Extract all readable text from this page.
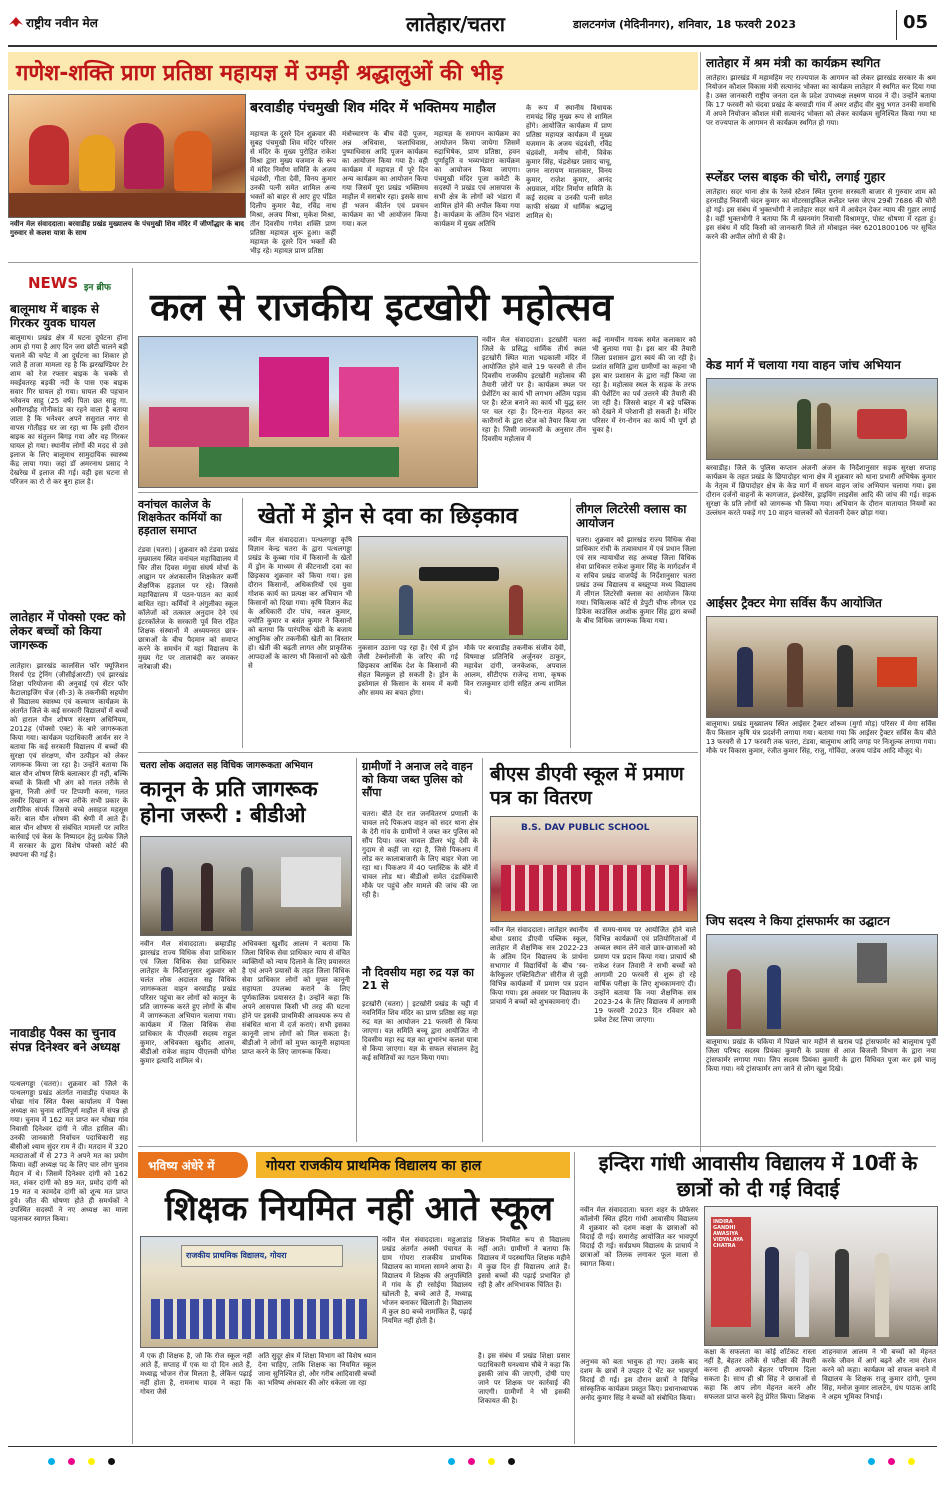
राष्ट्रीय नवीन मेल	लातेहार/चतरा	डालटनगंज (मेदिनीनगर), शनिवार, 18 फरवरी 2023	05
गणेश-शक्ति प्राण प्रतिष्ठा महायज्ञ में उमड़ी श्रद्धालुओं की भीड़
नवीन मेल संवाददाता। बरवाडीह प्रखंड मुख्यालय के पंचमुखी शिव मंदिर में जीर्णोद्धार के बाद गुरुवार से कलश यात्रा के साथ
बरवाडीह पंचमुखी शिव मंदिर में भक्तिमय माहौल
तीन दिवसीय गणेश शक्ति प्राण प्रतिष्ठा महायज्ञ शुरू हुआ। कहीं महायज्ञ के दूसरे दिन भक्तों की भीड़ रहे। महायज्ञ प्राण प्रतिष्ठा
महायज्ञ के दूसरे दिन शुक्रवार की सुबह पंचमुखी शिव मंदिर परिसर से मंदिर के मुख्य पुरोहित राकेश मिश्रा द्वारा मुख्य यजमान के रूप में मंदिर निर्माण समिति के अजय चंद्रवंशी, गीता देवी, विनय कुमार उनकी पत्नी समेत शामिल अन्य भक्तों को बाहर से आए हुए पंडित दिलीप कुमार वैद्य, रविंद्र नाथ मिश्रा, अजय मिश्रा, मुकेश मिश्रा,
मंत्रोच्चारण के बीच वेदी पूजन, अन्न अधिवास, फलाधिवास, पुष्पाधिवास आदि पूजन कार्यक्रम का आयोजन किया गया है। वही कार्यक्रम में महायज्ञ में पूरे दिन अन्य कार्यक्रम का आयोजन किया गया जिसमें पूरा प्रखंड भक्तिमय माहौल में सराबोर रहा। इसके साथ ही भजन कीर्तन एवं प्रवचन कार्यक्रम का भी आयोजन किया गया। कल
महायज्ञ के समापन कार्यक्रम का आयोजन किया जायेगा जिसमें रुद्राभिषेक, प्राण प्रतिष्ठा, हवन पूर्णाहुति व भव्यभंडारा कार्यक्रम का आयोजन किया जाएगा। पंचमुखी मंदिर पूजा कमेटी के सदस्यों ने प्रखंड एवं आसपास के सभी क्षेत्र के लोगों को भंडारा में शामिल होने की अपील किया गया है। कार्यक्रम के अंतिम दिन भंडारा कार्यक्रम में मुख्य अतिथि
के रूप में स्थानीय विधायक रामचंद्र सिंह मुख्य रूप से शामिल होंगे। आयोजित कार्यक्रम में प्राण प्रतिष्ठा महायज्ञ कार्यक्रम में मुख्य यजमान के अजय चंद्रवंशी, रविंद्र चंद्रवंशी, मनीष सोनी, विवेक कुमार सिंह, चंद्रशेखर प्रसाद चाचू, जगन नारायण मालाकार, विनय कुमार, राजेश कुमार, आनंद अग्रवाल, मंदिर निर्माण समिति के कई सदस्य व उनकी पत्नी समेत काफी संख्या में धार्मिक श्रद्धालु शामिल थे।
लातेहार में श्रम मंत्री का कार्यक्रम स्थगित
लातेहार। झारखंड में महामहिम नए राज्यपाल के आगमन को लेकर झारखंड सरकार के श्रम नियोजन कौशल विकास मंत्री सत्यानंद भोक्ता का कार्यक्रम लातेहार में स्थगित कर दिया गया है। उक्त जानकारी राष्ट्रीय जनता दल के प्रदेश उपाध्यक्ष लक्ष्मण यादव ने दी। उन्होंने बताया कि 17 फरवरी को चंदवा प्रखंड के बरवाडी गांव में अमर शहीद वीर बुधु भगत उनकी समाधि में अपने नियोजन कौशल मंत्री सत्यानंद भोक्ता को लेकर कार्यक्रम सुनिश्चित किया गया था पर राज्यपाल के आगमन से कार्यक्रम स्थगित हो गया।
स्प्लेंडर प्लस बाइक की चोरी, लगाई गुहार
लातेहार। सदर थाना क्षेत्र के रेलवे स्टेशन स्थित पुराना सरस्वती बाजार से गुरुवार शाम को हरनाडीह निवासी चंदन कुमार का मोटरसाइकिल स्प्लेंडर प्लस जेएच 29बी 7686 की चोरी हो गई। इस संबंध में भुक्तभोगी ने लातेहार सदर थाने में आवेदन देकर न्याय की गुहार लगाई है। वहीं भुक्तभोगी ने बताया कि मैं ख्यनमांग निवासी विश्रामपुर, पोस्ट धोषणा में रहता हूं। इस संबंध में यदि किसी को जानकारी मिले तो मोबाइल नंबर 6201800106 पर सूचित करने की अपील लोगों से की है।
केड मार्ग में चलाया गया वाहन जांच अभियान
बरवाडीह। जिले के पुलिस कप्तान अंजनी अंजन के निर्देशानुसार सड़क सुरक्षा सप्ताह कार्यक्रम के तहत प्रखंड के छिपादोहर थाना क्षेत्र में शुक्रवार को थाना प्रभारी अभिषेक कुमार के नेतृत्व में छिपादोहर क्षेत्र के केड मार्ग में सघन वाहन जांच अभियान चलाया गया। इस दौरान दर्जनों वाहनों के कागजात, इंश्योरेंस, ड्राइविंग लाइसेंस आदि की जांच की गई। सड़क सुरक्षा के प्रति लोगों को जागरूक भी किया गया। अभियान के दौरान यातायात नियमों का उल्लंघन करते पकड़े गए 10 वाहन चालकों को चेतावनी देकर छोड़ा गया।
आईसर ट्रैक्टर मेगा सर्विस कैंप आयोजित
बालूमाथ। प्रखंड मुख्यालय स्थित आईसर ट्रैक्टर शोरूम (मुर्गा मोड़) परिसर में मेगा सर्विस कैंप किसान कृषि यंत्र प्रदर्शनी लगाया गया। बताया गया कि आईसर ट्रैक्टर सर्विस कैंप बीते 13 फरवरी से 17 फरवरी तक चतरा, टंडवा, बालूमाथ आदि जगह पर निःशुल्क लगाया गया। मौके पर विकास कुमार, रंजीत कुमार सिंह, राजु, गोविंदा, अजय पांडेय आदि मौजूद थे।
जिप सदस्य ने किया ट्रांसफार्मर का उद्घाटन
बालूमाथ। प्रखंड के चकिया में पिछले चार महीने से खराब पड़े ट्रांसफार्मर को बालूमाथ पूर्वी जिला परिषद सदस्य प्रियंका कुमारी के प्रयास से आज बिजली विभाग के द्वारा नया ट्रांसफार्मर लगाया गया। जिप सदस्य प्रियंका कुमारी के द्वारा विधिवत पूजा कर इसे चालू किया गया। नये ट्रांसफार्मर लग जाने से लोग खुश दिखे।
NEWS इन ब्रीफ
बालूमाथ में बाइक से गिरकर युवक घायल
बालूमाथ। प्रखंड क्षेत्र में घटना दुर्घटना होना आम हो गया है आए दिन जरा छोटी चालने बड़ी चलाने की चपेट में आ दुर्घटना का शिकार हो जाते हैं ताजा मामला रह है कि झरखण्डियर टेर शाम को रेज रफ्तार बाइक के चक्के से मवईवतरह बड़की नदी के पास एक बाइक सवार गिर घायल हो गया। घायल की पहचान भरेवनय साहु (25 वर्ष) पिता छत साहु गा. अमीरगढ़ीह गोनीकांड का रहने वाला है बताया जाता है कि भनेश्वर अपने ससुराल नगर से वापस गोतीहड़ घर जा रहा था कि इसी दौरान बाइक का संतुलन बिगड़ गया और वह गिरकर घायल हो गया। स्थानीय लोगों की मदद से उसे इलाज के लिए बालूमाथ सामुदायिक स्वास्थ्य केंद्र लाया गया। जहां डॉ अमरनाथ प्रसाद ने देखरेख में इलाज की गई। वही इस घटना से परिजन का रो रो कर बुरा हाल है।
लातेहार में पोक्सो एक्ट को लेकर बच्चों को किया जागरूक
लातेहार। झारखंड कालसिल फॉर फ्यूजिशन रिसर्च एंड ट्रेनिंग (जीसीईआरटी) एवं झारखंड शिक्षा परियोजना की अनुवाई एवं सेंटर फॉर कैटालाइजिंग चेंज (सी-3) के तकनीकी सहयोग से विद्यालय स्वास्थ्य एवं कल्याण कार्यक्रम के अंतर्गत जिले के कई सरकारी विद्यालयों में बच्चों को हाराल यौन शोषण संरक्षण अधिनियम, 2012ह (पोक्सो एक्ट) के बारे जागरूकता किया गया। कार्यक्रम पदाधिकारी आर्यन सर ने बताया कि कई सरकारी विद्यालय में बच्चों की सुरक्षा एवं संरक्षण, यौन उत्पीड़न को लेकर जागरूक किया जा रहा है। उन्होंने बताया कि बाल यौन शोषण सिर्फ बलात्कार ही नहीं, बल्कि बच्चों के किसी भी अंग को गलत तरीके से छूना, निजी अंगों पर टिप्पणी करना, गलत तस्वीर दिखाना व अन्य तरीके सभी प्रकार के शारीरिक संपर्क जिससे बच्चे असहज महसूस करें। बाल यौन शोषण की श्रेणी में आते हैं। बाल यौन शोषण से संबंधित मामलों पर त्वरित कार्रवाई एवं केस के निष्पादन हेतु प्रत्येक जिले में सरकार के द्वारा विशेष पोक्सो कोर्ट की स्थापना की गई है।
नावाडीह पैक्स का चुनाव संपन्न दिनेश्वर बने अध्यक्ष
पत्थलगड्डा (चतरा)। शुक्रवार को जिले के पत्थलगड्डा प्रखंड अंतर्गत नावाडीह पंचायत के चोखा गांव स्थित पैक्स कार्यालय में पैक्स अध्यक्ष का चुनाव शांतिपूर्ण माहौल में संपन्न हो गया। चुनाव में 162 मत प्राप्त कर चोखा गांव निवासी दिनेश्वर दांगी ने जीत हासिल की। उनकी जानकारी निर्वाचन पदाधिकारी सह बीसीओ श्याम सुंदर राम ने दी। मतदान में 320 मतदाताओं में से 273 ने अपने मत का प्रयोग किया। वहीं अध्यक्ष पद के लिए चार लोग चुनाव मैदान में थे। जिसमें दिनेश्वर दांगी को 162 मत, शंकर दांगी को 89 मत, प्रमोद दांगी को 19 मत व कामदेव दांगी को शून्य मत प्राप्त हुये। जीत की घोषणा होते ही समर्थकों ने उपस्थित सदस्यों ने नए अध्यक्ष का माला पहनाकर स्वागत किया।
कल से राजकीय इटखोरी महोत्सव
नवीन मेल संवाददाता। इटखोरी चतरा जिले के प्रसिद्ध धार्मिक तीर्थ स्थल इटखोरी स्थित माता भद्रकाली मंदिर में आयोजित होने वाले 19 फरवरी से तीन दिवसीय राजकीय इटखोरी महोत्सव की तैयारी जोरों पर है। कार्यक्रम स्थल पर प्रेशेंटिंग का कार्य भी लगभग अंतिम पड़ाव पर है। स्टेज बनाने का कार्य भी युद्ध स्तर पर चल रहा है। दिन-रात मेहनत कर कारीगरों के द्वारा स्टेज को तैयार किया जा रहा है। जिसी जानकारी के अनुसार तीन दिवसीय महोत्सव में
कई नामचीन गायक समेत कलाकार को भी बुलाया गया है। इस बार की तैयारी जिला प्रशासन द्वारा स्वयं की जा रही है। प्रशांत समिति द्वारा ग्रामीणों का कहना भी इस बार प्रशासन के द्वारा नहीं किया जा रहा है। महोत्सव स्थल के सड़क के तरफ की पेशेंटिंग का पर्व उत्तरने की तैयारी की जा रही है। जिससे बाहर में बड़े पब्लिक को देखने में परेशानी हो सकती है। मंदिर परिसर में रंग-रोगन का कार्य भी पूर्ण हो चुका है।
वनांचल कालेज के शिक्षकेतर कर्मियों का हड़ताल समाप्त
टंडवा (चतरा) | शुक्रवार को टंडवा प्रखंड मुख्यालय स्थित वनांचल महाविद्यालय में चिर तीस दिवस मंगुवा संघर्ष मोर्चा के आह्वान पर अंशकालीन शिक्षकेतर कर्मी शैक्षणिक हड़ताल पर रहे। जिससे महाविद्यालय में पठन-पाठन का कार्य बाधित रहा। कर्मियों ने अंगुलीका स्कूल कॉलेजों को तत्काल अनुदान देने एवं इंटरकॉलेज के सरकारी पूर्व वित्त रहित शिक्षक संस्थानों में अध्ययनरत छात्र-छात्राओं के बीच पैदमान को समाप्त करने के समर्थन में यहां विद्यालय के मुख्य गेट पर तालाबंदी कर जमकर नारेबाजी की।
खेतों में ड्रोन से दवा का छिड़काव
नवीन मेल संवाददाता। पत्थलगड्डा कृषि विज्ञान केन्द्र चतरा के द्वारा पत्थलगड्डा प्रखंड के कुब्बा गांव में किसानों के खेतों में ड्रोन के माध्यम से कीटनाशी दवा का छिड़काव शुक्रवार को किया गया। इस दौरान किसानों, अधिकारियों एवं युवा गोशक कार्य का प्रत्यक्ष कर अभियान भी किसानों को दिखा गया। कृषि विज्ञान केंद्र के अधिकारी दौर पांच, नवल कुमार, ज्योति कुमार व बसंत कुमार ने किसानों को बताया कि पारंपरिक खेती के बजाय आधुनिक और तकनीकी खेती का विस्तार हो। खेती की बढ़ती लागत और प्राकृतिक आपदाओं के कारण भी किसानों को खेती से
नुकसान उठाना पड़ रहा है। ऐसे में ड्रोन जैसी टेक्नोलॉजी के जरिए की गई छिड़काव आर्थिक देश के किसानों की सेहत बिलकुल हो सकती है। ड्रोन के इस्तेमाल से किसान के समय में कमी और समय का बचत होगा।
मौके पर बरवाडीह तकनीक संजीव देवी, विषमाक्ष प्रतिनिधि अर्जुनवर ठाकुर, महावेश दांगी, जनकेशक, अपवाल आलम, सीटीएफ राजेन्द्र राणा, कृषक विन राजकुमार दांगी सहित अन्य शामिल थे।
लीगल लिटरेसी क्लास का आयोजन
चतरा। शुक्रवार को झारखंड राज्य विधिक सेवा प्राधिकार रांची के तत्वावधान में एवं प्रधान जिला एवं सत्र न्यायाधीश सह अध्यक्ष जिला विधिक सेवा प्राधिकार राकेश कुमार सिंह के मार्गदर्शन में व सचिव प्रखंड वाजपेई के निर्देशानुसार चतरा प्रखंड उच्च विद्यालय व बख्तूप्पा मध्य विद्यालय में लीगल लिटरेसी क्लास का आयोजन किया गया। चिकित्सक कॉर्ट से डेपुटी चीफ लीगल एड डिफेंस काउंसिल अशोक कुमार सिंह द्वारा बच्चों के बीच विधिक जागरूक किया गया।
चतरा लोक अदालत सह विधिक जागरूकता अभियान
कानून के प्रति जागरूक होना जरूरी : बीडीओ
नवीन मेल संवाददाता। ब्रम्हाडीह झारखंड राज्य विधिक सेवा प्राधिकार एवं जिला विधिक सेवा प्राधिकार लातेहार के निर्देशानुसार शुक्रवार को चलंत लोक अदालत सह विधिक जागरूकता वाहन बरवाडीह प्रखंड परिसर पहुंचा कर लोगों को कानून के प्रति जागरूक करते हुए लोगों के बीच में जागरूकता अभियान चलाया गया। कार्यक्रम में जिला विधिक सेवा प्राधिकार के पीएलवी सदस्य राहुल कुमार, अधिवक्ता खुशीद आलम, बीडीओ राकेश सहाय पीएलवी योगेश कुमार इत्यादि शामिल थे।
अधिवक्ता खुर्शीद आलम ने बताया कि जिला विधिक सेवा प्राधिकार न्याय से वंचित व्यक्तियों को न्याय दिलाने के लिए प्रयासरत है एवं अपने प्रयासों के तहत जिला विधिक सेवा प्राधिकार लोगों को मुफ्त कानूनी सहायता उपलब्ध कराने के लिए पूर्णकालिक प्रयासरत है। उन्होंने कहा कि अपने आसपास किसी भी तरह की घटना होने पर इसकी प्राथमिकी आवश्यक रूप से संबंधित थाना में दर्ज कराएं। सभी इसका कानूनी लाभ लोगों को मिल सकता है। बीडीओ ने लोगों को मुफ्त कानूनी सहायता प्राप्त करने के लिए जागरूक किया।
ग्रामीणों ने अनाज लदे वाहन को किया जब्त पुलिस को सौंपा
चतरा। बीते देर रात जनवितरण प्रणाली के चावल लदे पिकअप वाहन को सदर थाना क्षेत्र के देरी गांव के ग्रामीणों ने जब्त कर पुलिस को सौंप दिया। जब्त चावल डीलर भंडू देवी के गुदाम से कहीं जा रहा है, जिसे पिकअप में लोड कर कालाबाजारी के लिए बाहर भेजा जा रहा था। पिकअप में 40 प्लास्टिक के बोरे में चावल लोड था। बीडीओ समेत दंडाधिकारी मौके पर पहुंचे और मामले की जांच की जा रही है।
नौ दिवसीय महा रुद्र यज्ञ का 21 से
इटखोरी (चतरा) | इटखोरी प्रखंड के चट्टी में नवनिर्मित शिव मंदिर का प्राण प्रतिष्ठा सह महा रुद्र यज्ञ का आयोजन 21 फरवरी से किया जाएगा। यज्ञ समिति बच्चू द्वारा आयोजित नौ दिवसीय महा रुद्र यज्ञ का शुभारंभ कलश यात्रा से किया जाएगा। यज्ञ के सफल संचालन हेतु कई समितियों का गठन किया गया।
बीएस डीएवी स्कूल में प्रमाण पत्र का वितरण
B.S. DAV PUBLIC SCHOOL
नवीन मेल संवाददाता। लातेहार स्थानीय बोधा प्रसाद डीएवी पब्लिक स्कूल, लातेहार में शैक्षणिक सत्र 2022-23 के अंतिम दिन विद्यालय के प्रार्थना सभागार में विद्यार्थियों के बीच 'स्व-केरिकुलर एक्टिविटीज' सीरीज से जुड़ी विभिन्न कार्यक्रमों में प्रमाण पत्र प्रदान किया गया। इस अवसर पर विद्यालय के प्राचार्य ने बच्चों को शुभकामनाएं दी।
से समय-समय पर आयोजित होने वाले विभिन्न कार्यक्रमों एवं प्रतियोगिताओं में अव्वल स्थान लेने वाले छात्र-छात्राओं को प्रमाण पत्र प्रदान किया गया। प्राचार्य श्री राकेश रंजन तिवारी ने सभी बच्चों को आगामी 20 फरवरी से शुरू हो रहे वार्षिक परीक्षा के लिए शुभकामनाएं दी। उन्होंने बताया कि नया शैक्षणिक सत्र 2023-24 के लिए विद्यालय में आगामी 19 फरवरी 2023 दिन रविवार को प्रवेश टेस्ट लिया जाएगा।
भविष्य अंधेरे में	गोयरा राजकीय प्राथमिक विद्यालय का हाल
शिक्षक नियमित नहीं आते स्कूल
राजकीय प्राथमिक विद्यालय, गोयरा
नवीन मेल संवाददाता। महुआडांड़ प्रखंड अंतर्गत अक्सी पंचायत के ग्राम गोयरा राजकीय प्राथमिक विद्यालय का मामला सामने आया है। विद्यालय में शिक्षक की अनुपस्थिति में गांव के ही रसोईया विद्यालय खोलती है, बच्चे आते हैं, मध्याह्न भोजन बनाकर खिलाती है। विद्यालय में कुल 80 बच्चे नामांकित हैं, पढ़ाई नियमित नहीं होती है।
शिक्षक नियमित रूप से विद्यालय नहीं आते। ग्रामीणों ने बताया कि विद्यालय में पदस्थापित शिक्षक महीने में कुछ दिन ही विद्यालय आते हैं। इससे बच्चों की पढ़ाई प्रभावित हो रही है और अभिभावक चिंतित हैं।
में एक ही शिक्षक है, जो कि रोज स्कूल नहीं आते हैं, सप्ताह में एक या दो दिन आते हैं, मध्याह्न भोजन रोज मिलता है, लेकिन पढ़ाई नहीं होता है, रामनाथ यादव ने कहा कि गोयरा जैसे
अति सुदूर क्षेत्र में शिक्षा विभाग को विशेष ध्यान देना चाहिए, ताकि शिक्षक का नियमित स्कूल जाना सुनिश्चित हो, और गरीब आदिवासी बच्चों का भविष्य अंधकार की ओर धकेला जा रहा
है। इस संबंध में प्रखंड शिक्षा प्रसार पदाधिकारी घनश्याम चौबे ने कहा कि इसकी जांच की जाएगी, दोषी पाए जाने पर शिक्षक पर कार्रवाई की जाएगी। ग्रामीणों ने भी इसकी शिकायत की है।
इन्दिरा गांधी आवासीय विद्यालय में 10वीं के छात्रों को दी गई विदाई
नवीन मेल संवाददाता। चतरा शहर के प्रोफेसर कॉलोनी स्थित इंदिरा गांधी आवासीय विद्यालय में शुक्रवार को दशम कक्षा के छात्राओं को विदाई दी गई। समारोह आयोजित कर भावपूर्ण विदाई दी गई। सर्वप्रथम विद्यालय के प्राचार्य ने छात्राओं को तिलक लगाकर फूल माला से स्वागत किया।
INDIRA GANDHI AWASIYA VIDYALAYA CHATRA
अनुभव को बता भावुक हो गए। उसके बाद दशम के छात्रों ने उपहार दे भेंट कर भावपूर्ण विदाई दी गई। इस दौरान छात्रों ने विभिन्न सांस्कृतिक कार्यक्रम प्रस्तुत किए। प्रधानाध्यापक अनोद कुमार सिंह ने बच्चों को संबोधित किया।
कक्षा के सफलता का कोई शॉर्टकट रास्ता नहीं है, बेहतर तरीके से परीक्षा की तैयारी करना ही आपको बेहतर परिणाम दिला सकता है। साथ ही श्री सिंह ने छात्राओं से कहा कि आप लोग मेहनत करने और सफलता प्राप्त करने हेतु प्रेरित किया। शिक्षक
शाहनवाज आलम ने भी बच्चों को मेहनत करके जीवन में आगे बढ़ने और नाम रोशन करने को कहा। कार्यक्रम को सफल बनाने में विद्यालय के शिक्षक राजू कुमार दांगी, पूनम सिंह, मनोज कुमार लालटेन, ग्रंथ पाठक आदि ने अहम भूमिका निभाई।
